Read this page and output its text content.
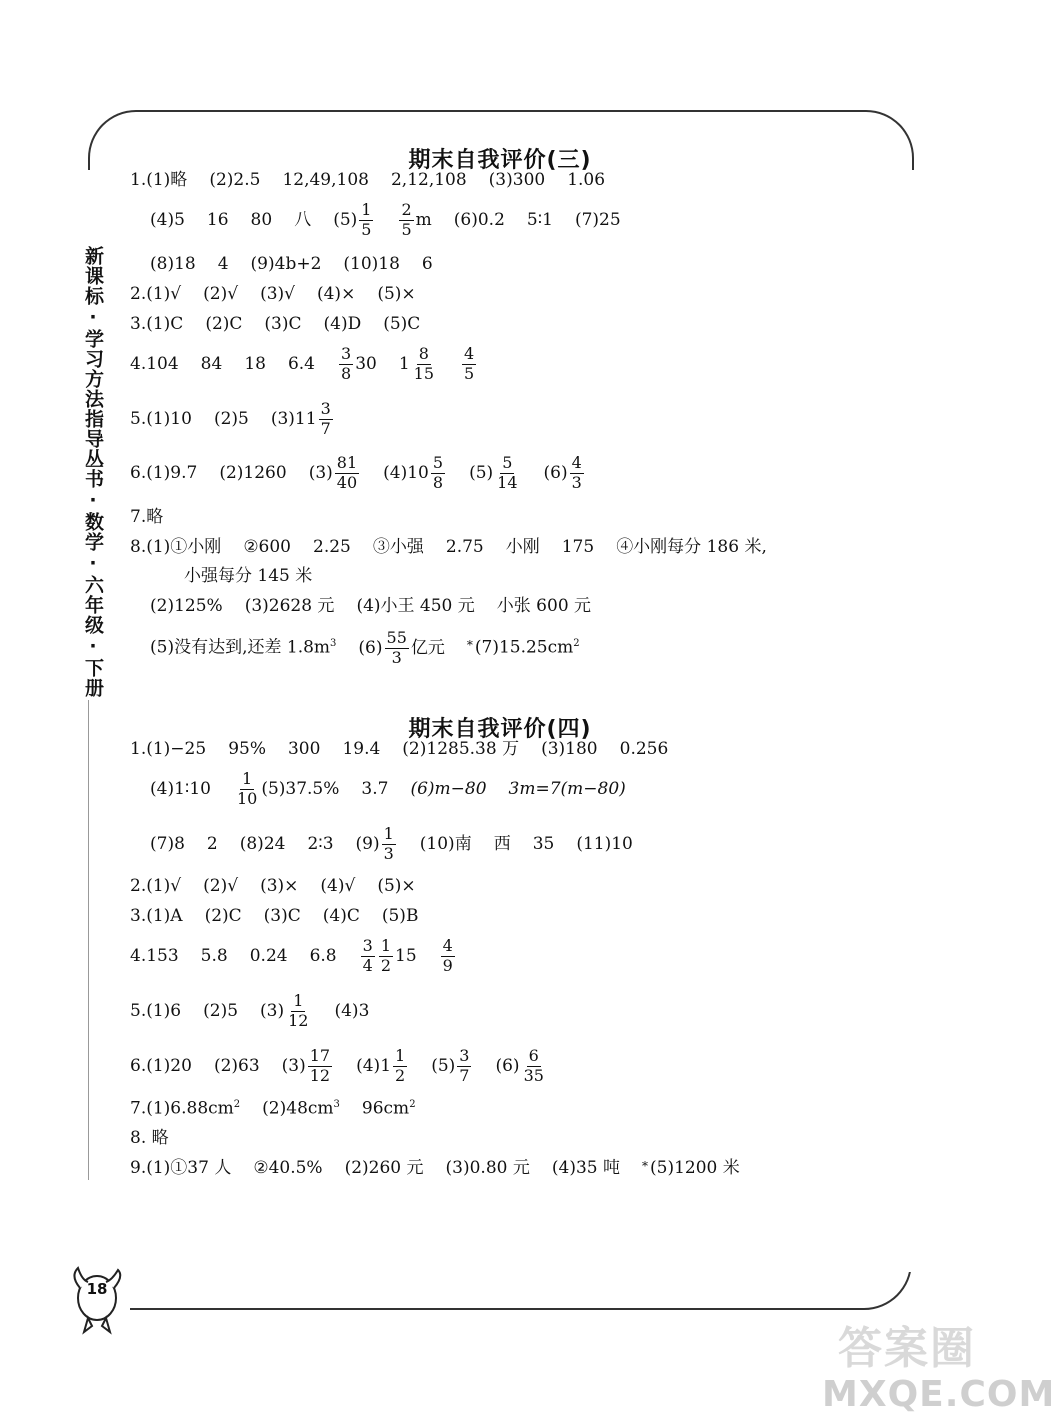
新课标·学习方法指导丛书·数学·六年级·下册
期末自我评价(三)
1.(1)略 (2)2.5 12,49,108 2,12,108 (3)300 1.06
(4)5 16 80 八 $(5) \frac{1}{5} \frac{2}{5}$ m (6)0.2 5∶1 (7)25
(8)18 4 (9)4b+2 (10)18 6
2.(1)√ (2)√ (3)√ (4)× (5)×
3.(1)C (2)C (3)C (4)D (5)C
4.104 84 18 $6.4 \frac{3}{8} 30$ $1 \frac{8}{15} \frac{4}{5}$
5.(1)10 (2)5 $(3)11 \frac{3}{7}$
6.(1)9.7 (2)1260 $(3) \frac{81}{40} (4)10 \frac{5}{8} (5) \frac{5}{14} (6) \frac{4}{3}$
7.略
8.(1)①小刚 ②600 2.25 ③小强 2.75 小刚 175 ④小刚每分 186 米,
小强每分 145 米
(2)125% (3)2628 元 (4)小王 450 元 小张 600 元
(5)没有达到,还差 $1.8m^3$ $(6) \frac{55}{3}$ 亿元 * $(7)15.25cm^2$
期末自我评价(四)
1.(1)−25 95% 300 19.4 (2)1285.38 万 (3)180 0.256
(4)1∶10 $\frac{1}{10} (5)37.5\%$ 3.7 (6)m−80 3m=7(m−80)
(7)8 2 (8)24 2∶3 $(9) \frac{1}{3} (10)$南 西 35 (11)10
2.(1)√ (2)√ (3)× (4)√ (5)×
3.(1)A (2)C (3)C (4)C (5)B
4.153 5.8 0.24 $6.8 \frac{3}{4} \frac{1}{2} 15 \frac{4}{9}$
5.(1)6 (2)5 $(3) \frac{1}{12} (4)3$
6.(1)20 (2)63 $(3) \frac{17}{12} (4)1 \frac{1}{2} (5) \frac{3}{7} (6) \frac{6}{35}$
$7.(1)6.88cm^2$ $(2)48cm^3$ $96cm^2$
8. 略
9.(1)①37 人 ②40.5% (2)260 元 (3)0.80 元 (4)35 吨 * (5)1200 米
18
答案圈
MXQE.COM
